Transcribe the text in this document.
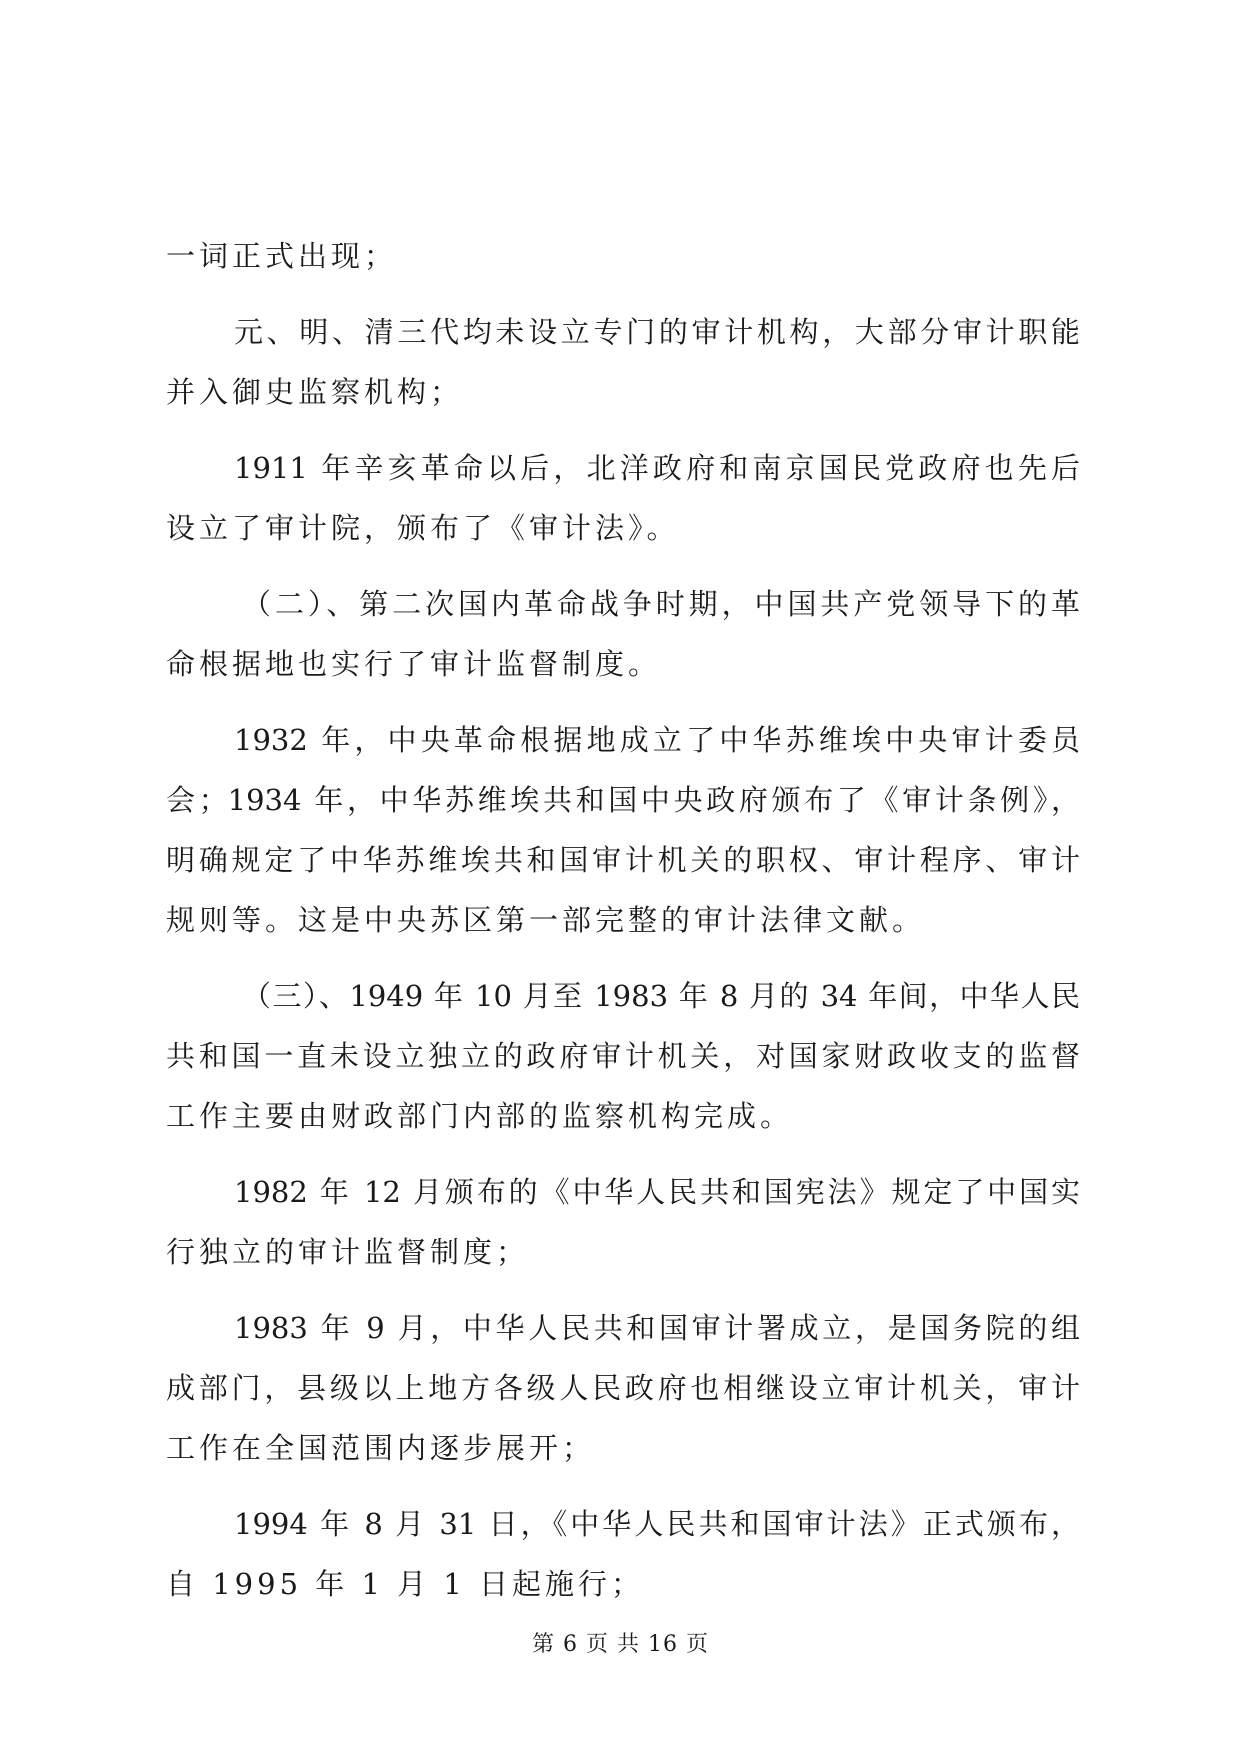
一词正式出现；
元、明、清三代均未设立专门的审计机构，大部分审计职能
并入御史监察机构；
1911 年辛亥革命以后，北洋政府和南京国民党政府也先后
设立了审计院，颁布了《审计法》。
（二）、第二次国内革命战争时期，中国共产党领导下的革
命根据地也实行了审计监督制度。
1932 年，中央革命根据地成立了中华苏维埃中央审计委员
会；1934 年，中华苏维埃共和国中央政府颁布了《审计条例》，
明确规定了中华苏维埃共和国审计机关的职权、审计程序、审计
规则等。这是中央苏区第一部完整的审计法律文献。
（三）、1949 年 10 月至 1983 年 8 月的 34 年间，中华人民
共和国一直未设立独立的政府审计机关，对国家财政收支的监督
工作主要由财政部门内部的监察机构完成。
1982 年 12 月颁布的《中华人民共和国宪法》规定了中国实
行独立的审计监督制度；
1983 年 9 月，中华人民共和国审计署成立，是国务院的组
成部门，县级以上地方各级人民政府也相继设立审计机关，审计
工作在全国范围内逐步展开；
1994 年 8 月 31 日，《中华人民共和国审计法》正式颁布，
自 1995 年 1 月 1 日起施行；
第 6 页 共 16 页
